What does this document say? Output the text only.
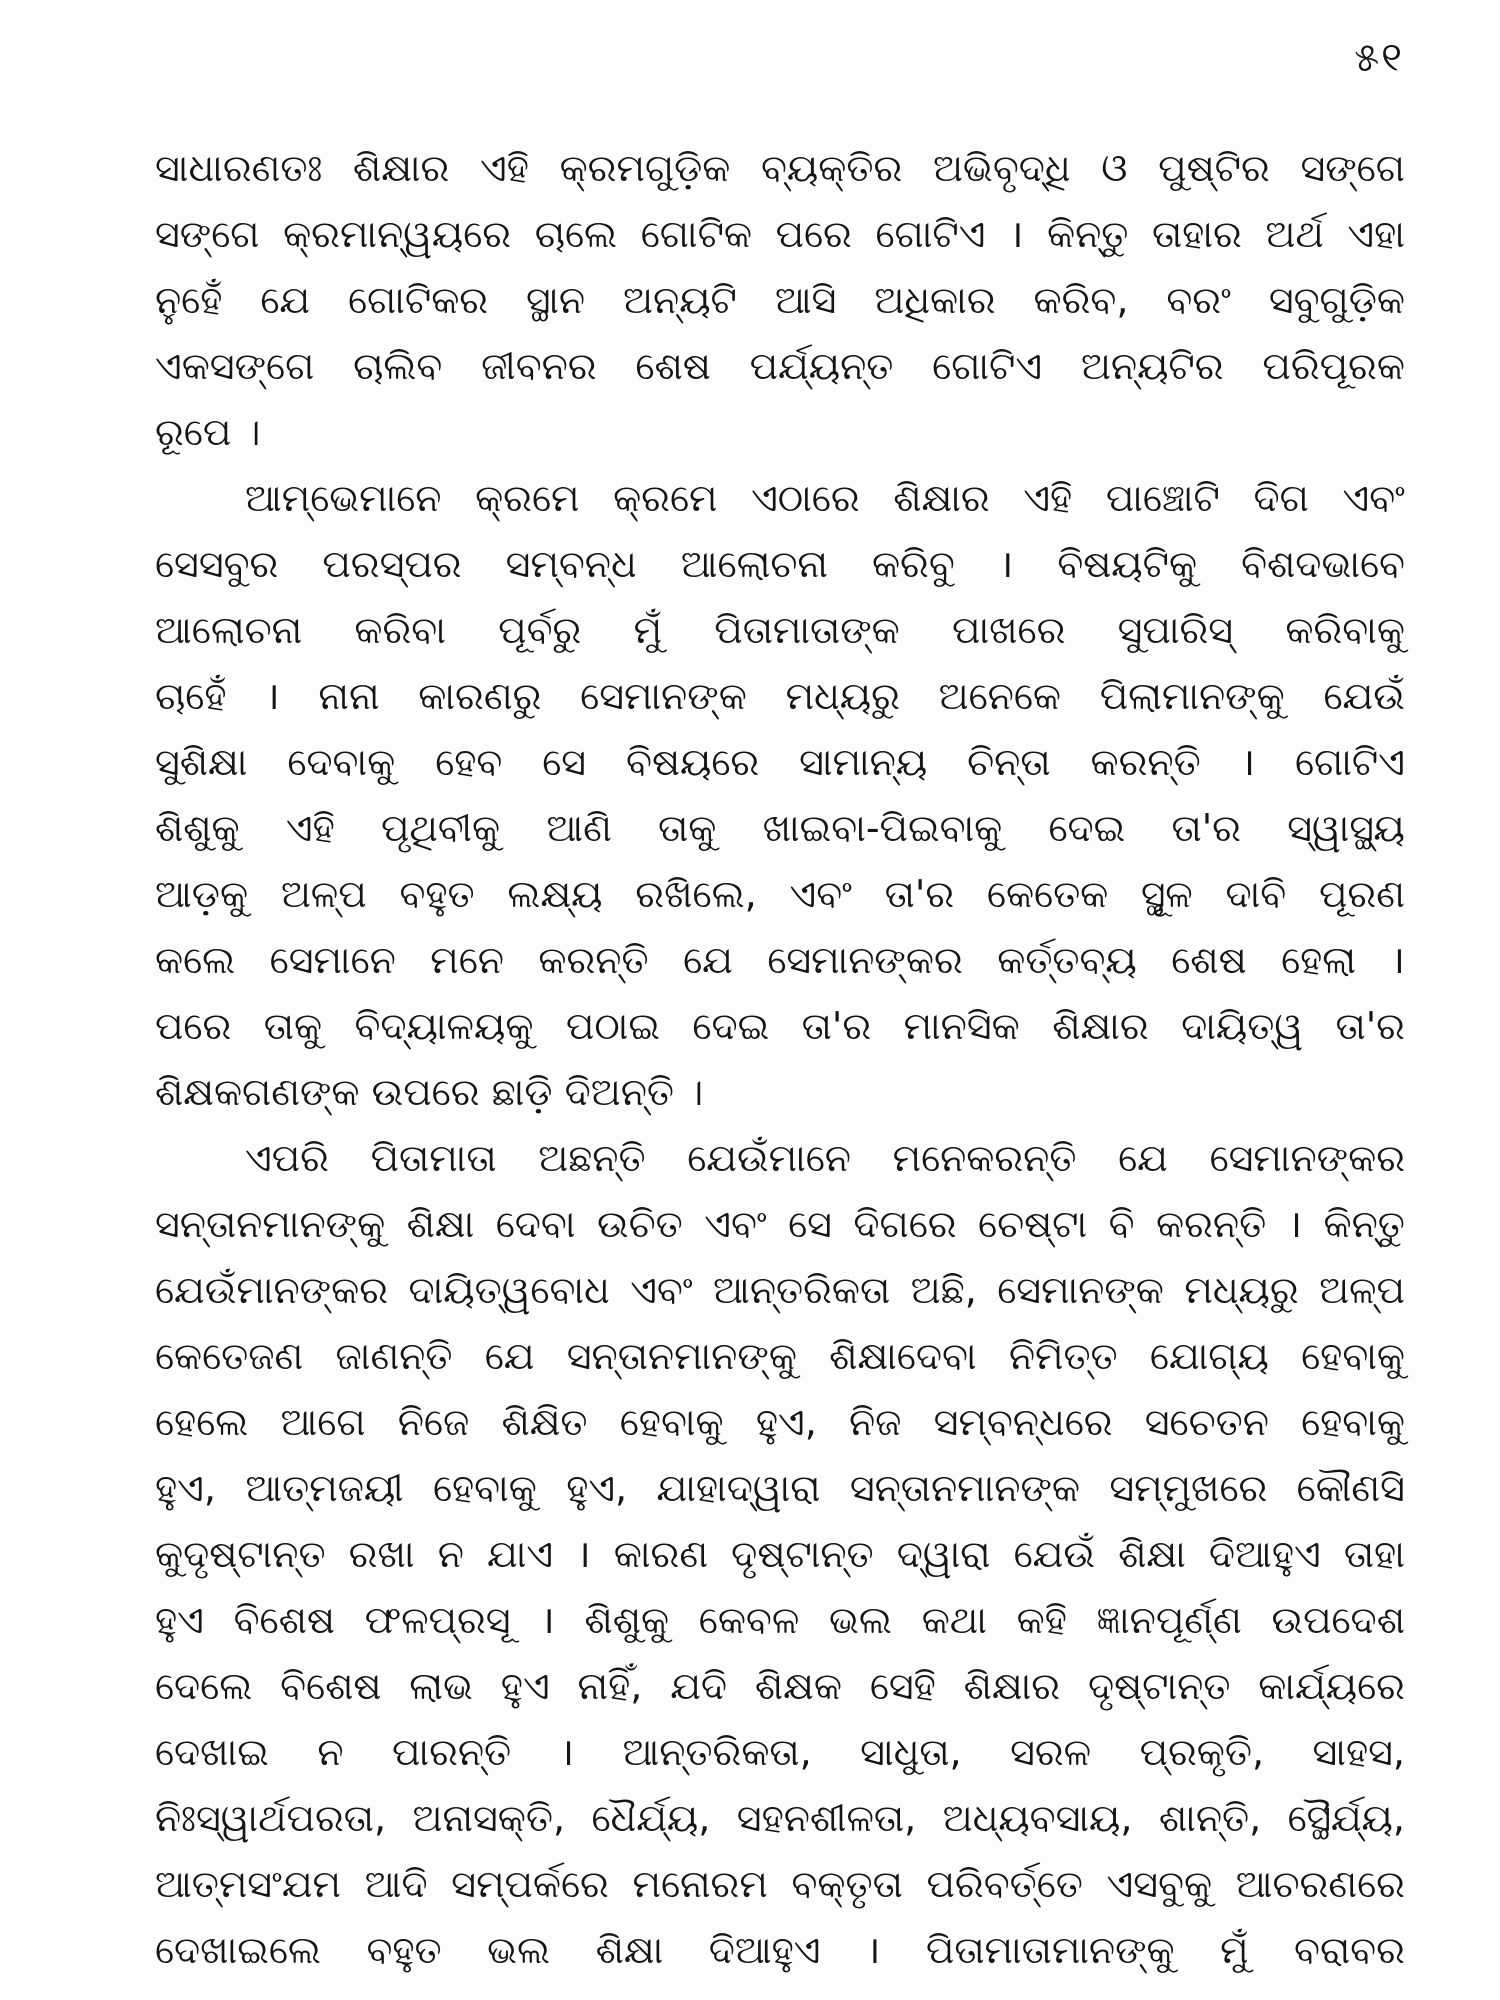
୫୧
ସାଧାରଣତଃ ଶିକ୍ଷାର ଏହି କ୍ରମଗୁଡ଼ିକ ବ୍ୟକ୍ତିର ଅଭିବୃଦ୍ଧି ଓ ପୁଷ୍ଟିର ସଙ୍ଗେ
ସଙ୍ଗେ କ୍ରମାନ୍ୱୟରେ ଚାଲେ ଗୋଟିକ ପରେ ଗୋଟିଏ । କିନ୍ତୁ ତାହାର ଅର୍ଥ ଏହା
ନୁହେଁ ଯେ ଗୋଟିକର ସ୍ଥାନ ଅନ୍ୟଟି ଆସି ଅଧିକାର କରିବ, ବରଂ ସବୁଗୁଡ଼ିକ
ଏକସଙ୍ଗେ ଚାଲିବ ଜୀବନର ଶେଷ ପର୍ଯ୍ୟନ୍ତ ଗୋଟିଏ ଅନ୍ୟଟିର ପରିପୂରକ
ରୂପେ ।
ଆମ୍ଭେମାନେ କ୍ରମେ କ୍ରମେ ଏଠାରେ ଶିକ୍ଷାର ଏହି ପାଞ୍ଚୋଟି ଦିଗ ଏବଂ
ସେସବୁର ପରସ୍ପର ସମ୍ବନ୍ଧ ଆଲୋଚନା କରିବୁ । ବିଷୟଟିକୁ ବିଶଦଭାବେ
ଆଲୋଚନା କରିବା ପୂର୍ବରୁ ମୁଁ ପିତାମାତାଙ୍କ ପାଖରେ ସୁପାରିସ୍ କରିବାକୁ
ଚାହେଁ । ନାନା କାରଣରୁ ସେମାନଙ୍କ ମଧ୍ୟରୁ ଅନେକେ ପିଲାମାନଙ୍କୁ ଯେଉଁ
ସୁଶିକ୍ଷା ଦେବାକୁ ହେବ ସେ ବିଷୟରେ ସାମାନ୍ୟ ଚିନ୍ତା କରନ୍ତି । ଗୋଟିଏ
ଶିଶୁକୁ ଏହି ପୃଥିବୀକୁ ଆଣି ତାକୁ ଖାଇବା-ପିଇବାକୁ ଦେଇ ତା'ର ସ୍ୱାସ୍ଥ୍ୟ
ଆଡ଼କୁ ଅଳ୍ପ ବହୁତ ଲକ୍ଷ୍ୟ ରଖିଲେ, ଏବଂ ତା'ର କେତେକ ସ୍ଥୂଳ ଦାବି ପୂରଣ
କଲେ ସେମାନେ ମନେ କରନ୍ତି ଯେ ସେମାନଙ୍କର କର୍ତ୍ତବ୍ୟ ଶେଷ ହେଲା ।
ପରେ ତାକୁ ବିଦ୍ୟାଳୟକୁ ପଠାଇ ଦେଇ ତା'ର ମାନସିକ ଶିକ୍ଷାର ଦାୟିତ୍ୱ ତା'ର
ଶିକ୍ଷକଗଣଙ୍କ ଉପରେ ଛାଡ଼ି ଦିଅନ୍ତି ।
ଏପରି ପିତାମାତା ଅଛନ୍ତି ଯେଉଁମାନେ ମନେକରନ୍ତି ଯେ ସେମାନଙ୍କର
ସନ୍ତାନମାନଙ୍କୁ ଶିକ୍ଷା ଦେବା ଉଚିତ ଏବଂ ସେ ଦିଗରେ ଚେଷ୍ଟା ବି କରନ୍ତି । କିନ୍ତୁ
ଯେଉଁମାନଙ୍କର ଦାୟିତ୍ୱବୋଧ ଏବଂ ଆନ୍ତରିକତା ଅଛି, ସେମାନଙ୍କ ମଧ୍ୟରୁ ଅଳ୍ପ
କେତେଜଣ ଜାଣନ୍ତି ଯେ ସନ୍ତାନମାନଙ୍କୁ ଶିକ୍ଷାଦେବା ନିମିତ୍ତ ଯୋଗ୍ୟ ହେବାକୁ
ହେଲେ ଆଗେ ନିଜେ ଶିକ୍ଷିତ ହେବାକୁ ହୁଏ, ନିଜ ସମ୍ବନ୍ଧରେ ସଚେତନ ହେବାକୁ
ହୁଏ, ଆତ୍ମଜୟୀ ହେବାକୁ ହୁଏ, ଯାହାଦ୍ୱାରା ସନ୍ତାନମାନଙ୍କ ସମ୍ମୁଖରେ କୌଣସି
କୁଦୃଷ୍ଟାନ୍ତ ରଖା ନ ଯାଏ । କାରଣ ଦୃଷ୍ଟାନ୍ତ ଦ୍ୱାରା ଯେଉଁ ଶିକ୍ଷା ଦିଆହୁଏ ତାହା
ହୁଏ ବିଶେଷ ଫଳପ୍ରସୂ । ଶିଶୁକୁ କେବଳ ଭଲ କଥା କହି ଜ୍ଞାନପୂର୍ଣ୍ଣ ଉପଦେଶ
ଦେଲେ ବିଶେଷ ଲାଭ ହୁଏ ନାହିଁ, ଯଦି ଶିକ୍ଷକ ସେହି ଶିକ୍ଷାର ଦୃଷ୍ଟାନ୍ତ କାର୍ଯ୍ୟରେ
ଦେଖାଇ ନ ପାରନ୍ତି । ଆନ୍ତରିକତା, ସାଧୁତା, ସରଳ ପ୍ରକୃତି, ସାହସ,
ନିଃସ୍ୱାର୍ଥପରତା, ଅନାସକ୍ତି, ଧୈର୍ଯ୍ୟ, ସହନଶୀଳତା, ଅଧ୍ୟବସାୟ, ଶାନ୍ତି, ସ୍ଥୈର୍ଯ୍ୟ,
ଆତ୍ମସଂଯମ ଆଦି ସମ୍ପର୍କରେ ମନୋରମ ବକ୍ତୃତା ପରିବର୍ତ୍ତେ ଏସବୁକୁ ଆଚରଣରେ
ଦେଖାଇଲେ ବହୁତ ଭଲ ଶିକ୍ଷା ଦିଆହୁଏ । ପିତାମାତାମାନଙ୍କୁ ମୁଁ ବରାବର
